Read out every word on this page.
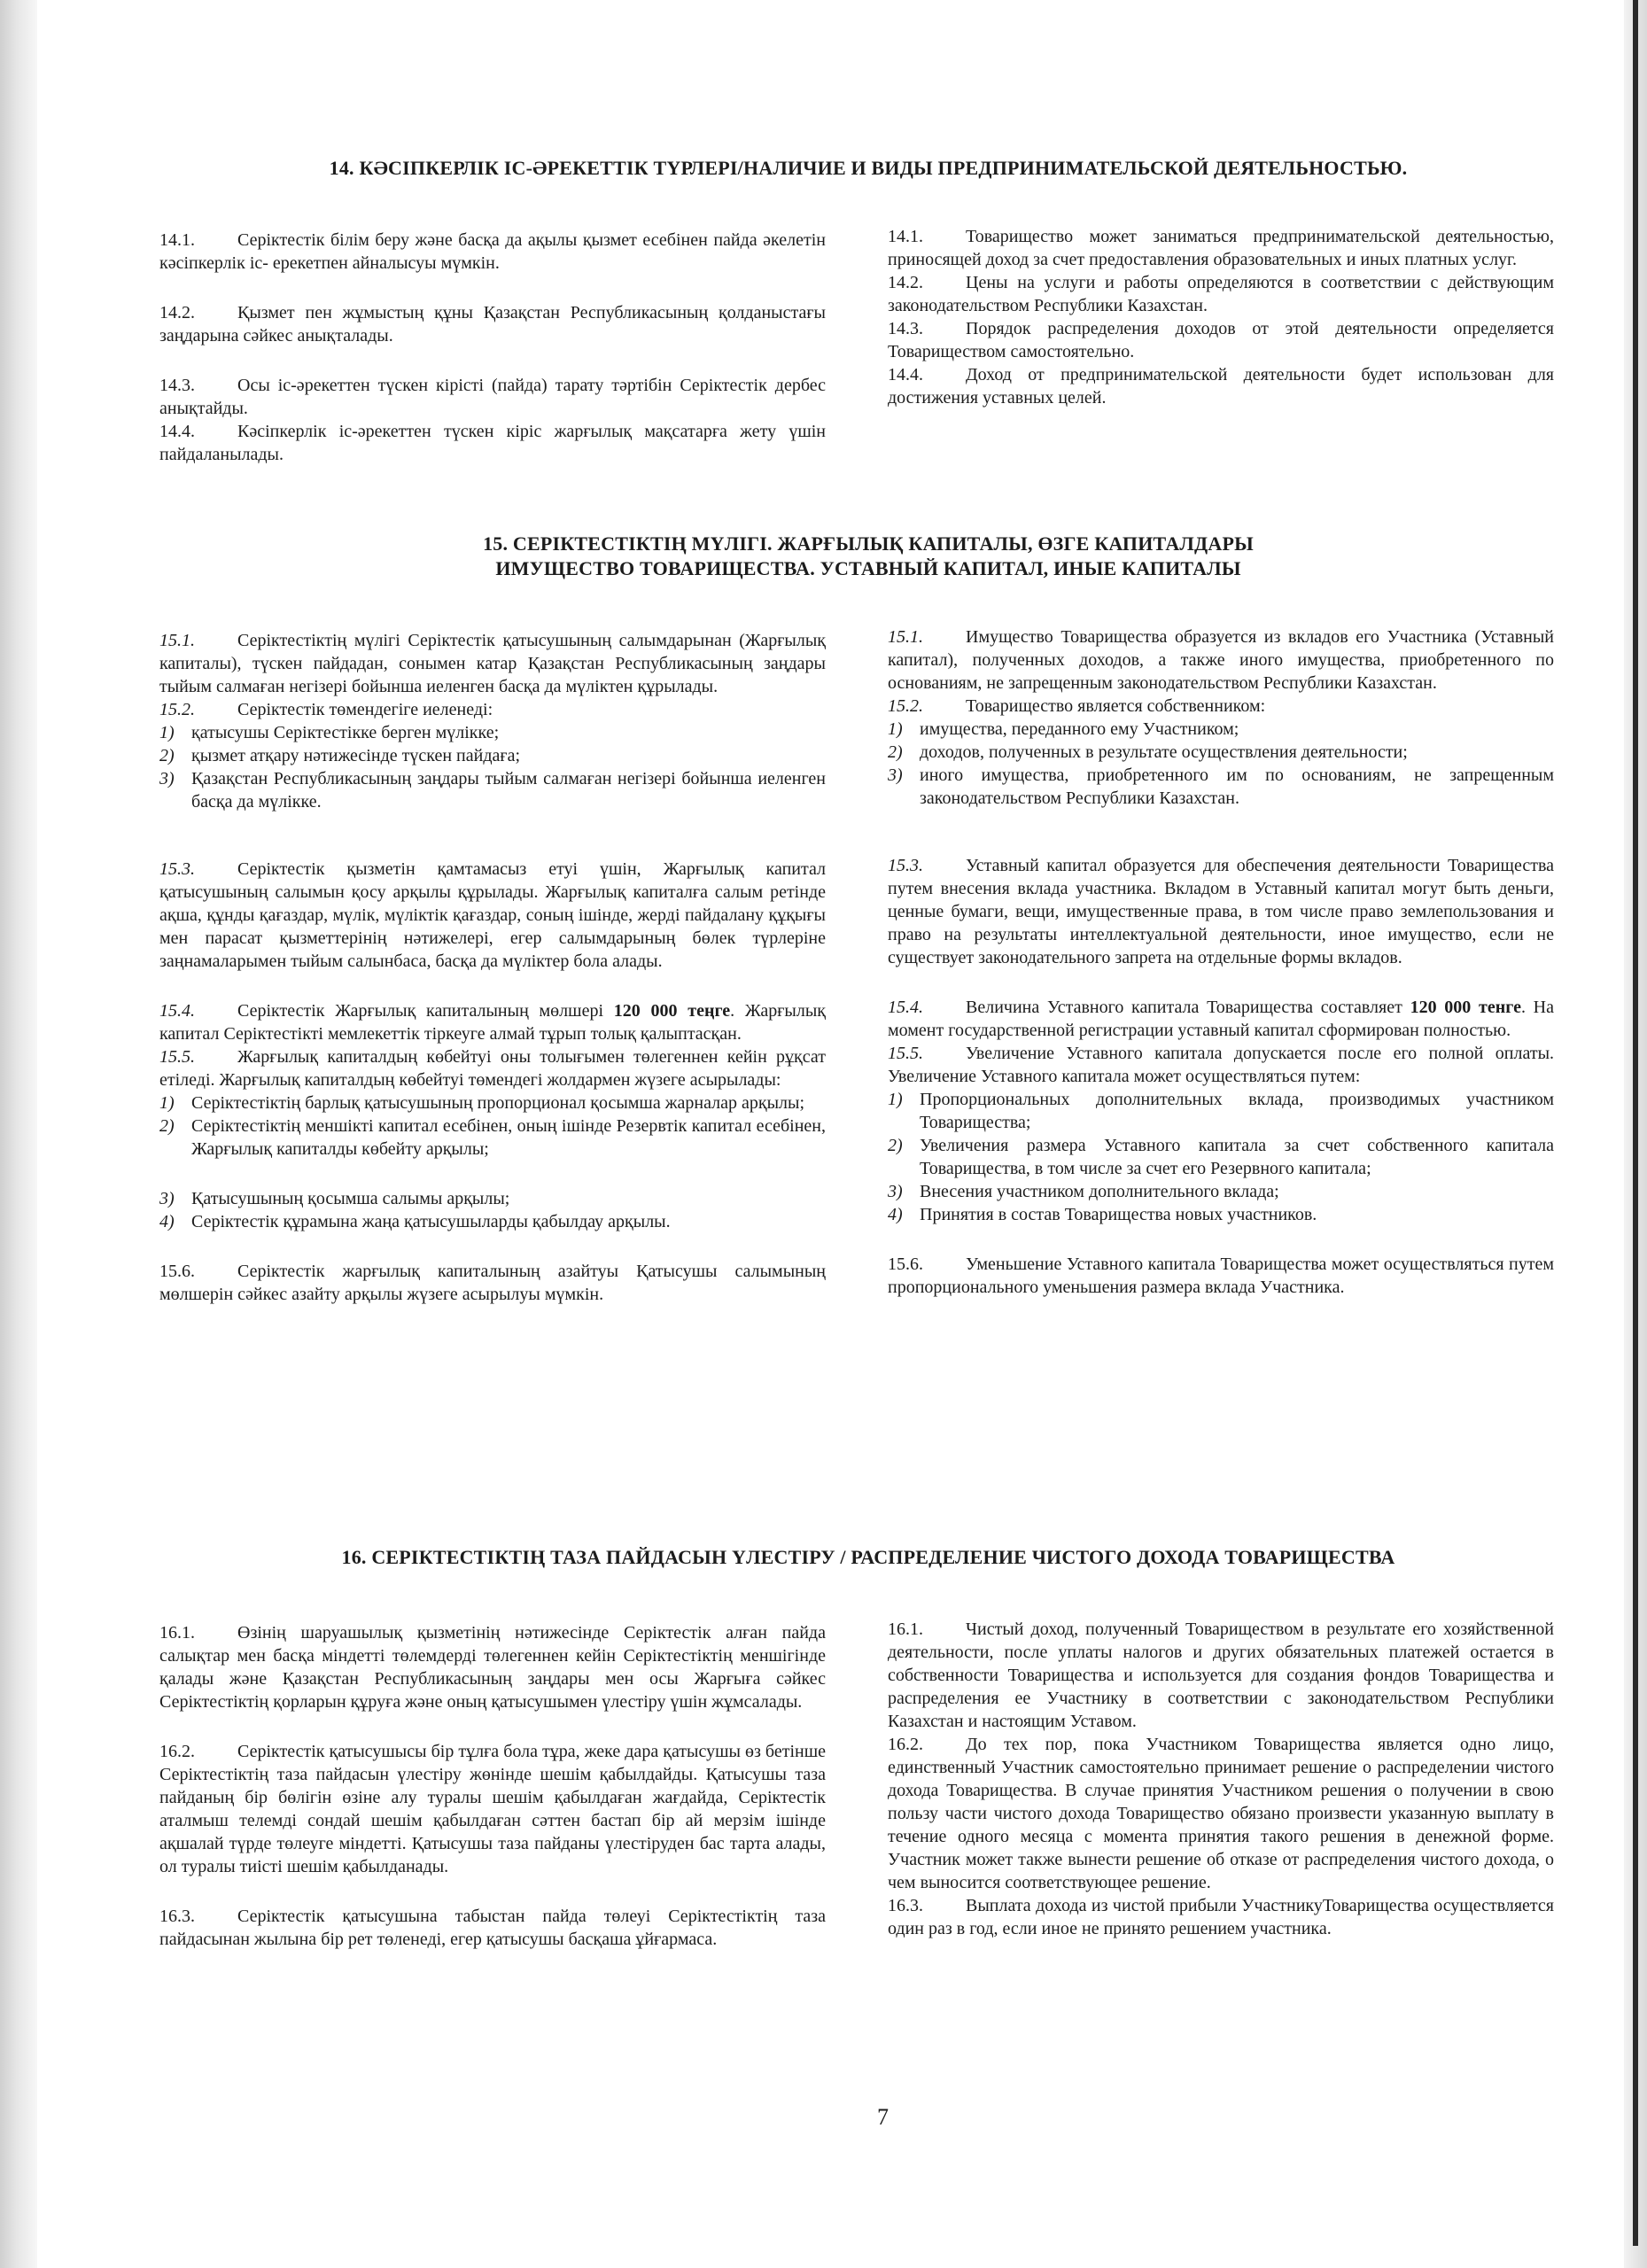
14. КӘСІПКЕРЛІК ІС-ӘРЕКЕТТІК ТҮРЛЕРІ/НАЛИЧИЕ И ВИДЫ ПРЕДПРИНИМАТЕЛЬСКОЙ ДЕЯТЕЛЬНОСТЬЮ.

14.1. Серіктестік білім беру және басқа да ақылы қызмет есебінен пайда әкелетін кәсіпкерлік іс- ерекетпен айналысуы мүмкін.

14.2. Қызмет пен жұмыстың құны Қазақстан Республикасының қолданыстағы заңдарына сәйкес анықталады.

14.3. Осы іс-әрекеттен түскен кірісті (пайда) тарату тәртібін Серіктестік дербес анықтайды.

14.4. Кәсіпкерлік іс-әрекеттен түскен кіріс жарғылық мақсатарға жету үшін пайдаланылады.

14.1. Товарищество может заниматься предпринимательской деятельностью, приносящей доход за счет предоставления образовательных и иных платных услуг.

14.2. Цены на услуги и работы определяются в соответствии с действующим законодательством Республики Казахстан.

14.3. Порядок распределения доходов от этой деятельности определяется Товариществом самостоятельно.

14.4. Доход от предпринимательской деятельности будет использован для достижения уставных целей.

15. СЕРІКТЕСТІКТІҢ МҮЛІГІ. ЖАРҒЫЛЫҚ КАПИТАЛЫ, ӨЗГЕ КАПИТАЛДАРЫ
ИМУЩЕСТВО ТОВАРИЩЕСТВА. УСТАВНЫЙ КАПИТАЛ, ИНЫЕ КАПИТАЛЫ

15.1. Серіктестіктің мүлігі Серіктестік қатысушының салымдарынан (Жарғылық капиталы), түскен пайдадан, сонымен катар Қазақстан Республикасының заңдары тыйым салмаған негізері бойынша иеленген басқа да мүліктен құрылады.

15.2. Серіктестік төмендегіге иеленеді:

1) қатысушы Серіктестікке берген мүлікке;
2) қызмет атқару нәтижесінде түскен пайдаға;
3) Қазақстан Республикасының заңдары тыйым салмаған негізері бойынша иеленген басқа да мүлікке.

15.3. Серіктестік қызметін қамтамасыз етуі үшін, Жарғылық капитал қатысушының салымын қосу арқылы құрылады. Жарғылық капиталға салым ретінде ақша, құнды қағаздар, мүлік, мүліктік қағаздар, соның ішінде, жерді пайдалану құқығы мен парасат қызметтерінің нәтижелері, егер салымдарының бөлек түрлеріне заңнамаларымен тыйым салынбаса, басқа да мүліктер бола алады.

15.4. Серіктестік Жарғылық капиталының мөлшері 120 000 теңге. Жарғылық капитал Серіктестікті мемлекеттік тіркеуге алмай тұрып толық қалыптасқан.

15.5. Жарғылық капиталдың көбейтуі оны толығымен төлегеннен кейін рұқсат етіледі. Жарғылық капиталдың көбейтуі төмендегі жолдармен жүзеге асырылады:

1) Серіктестіктің барлық қатысушының пропорционал қосымша жарналар арқылы;
2) Серіктестіктің меншікті капитал есебінен, оның ішінде Резервтік капитал есебінен, Жарғылық капиталды көбейту арқылы;
3) Қатысушының қосымша салымы арқылы;
4) Серіктестік құрамына жаңа қатысушыларды қабылдау арқылы.

15.6. Серіктестік жарғылық капиталының азайтуы Қатысушы салымының мөлшерін сәйкес азайту арқылы жүзеге асырылуы мүмкін.

15.1. Имущество Товарищества образуется из вкладов его Участника (Уставный капитал), полученных доходов, а также иного имущества, приобретенного по основаниям, не запрещенным законодательством Республики Казахстан.

15.2. Товарищество является собственником:

1) имущества, переданного ему Участником;
2) доходов, полученных в результате осуществления деятельности;
3) иного имущества, приобретенного им по основаниям, не запрещенным законодательством Республики Казахстан.

15.3. Уставный капитал образуется для обеспечения деятельности Товарищества путем внесения вклада участника. Вкладом в Уставный капитал могут быть деньги, ценные бумаги, вещи, имущественные права, в том числе право землепользования и право на результаты интеллектуальной деятельности, иное имущество, если не существует законодательного запрета на отдельные формы вкладов.

15.4. Величина Уставного капитала Товарищества составляет 120 000 тенге. На момент государственной регистрации уставный капитал сформирован полностью.

15.5. Увеличение Уставного капитала допускается после его полной оплаты. Увеличение Уставного капитала может осуществляться путем:

1) Пропорциональных дополнительных вклада, производимых участником Товарищества;
2) Увеличения размера Уставного капитала за счет собственного капитала Товарищества, в том числе за счет его Резервного капитала;
3) Внесения участником дополнительного вклада;
4) Принятия в состав Товарищества новых участников.

15.6. Уменьшение Уставного капитала Товарищества может осуществляться путем пропорционального уменьшения размера вклада Участника.

16. СЕРІКТЕСТІКТІҢ ТАЗА ПАЙДАСЫН ҮЛЕСТІРУ / РАСПРЕДЕЛЕНИЕ ЧИСТОГО ДОХОДА ТОВАРИЩЕСТВА

16.1. Өзінің шаруашылық қызметінің нәтижесінде Серіктестік алған пайда салықтар мен басқа міндетті төлемдерді төлегеннен кейін Серіктестіктің меншігінде қалады және Қазақстан Республикасының заңдары мен осы Жарғыға сәйкес Серіктестіктің қорларын құруға және оның қатысушымен үлестіру үшін жұмсалады.

16.2. Серіктестік қатысушысы бір тұлға бола тұра, жеке дара қатысушы өз бетінше Серіктестіктің таза пайдасын үлестіру жөнінде шешім қабылдайды. Қатысушы таза пайданың бір бөлігін өзіне алу туралы шешім қабылдаған жағдайда, Серіктестік аталмыш телемді сондай шешім қабылдаған сәттен бастап бір ай мерзім ішінде ақшалай түрде төлеуге міндетті. Қатысушы таза пайданы үлестіруден бас тарта алады, ол туралы тиісті шешім қабылданады.

16.3. Серіктестік қатысушына табыстан пайда төлеуі Серіктестіктің таза пайдасынан жылына бір рет төленеді, егер қатысушы басқаша ұйғармаса.

16.1. Чистый доход, полученный Товариществом в результате его хозяйственной деятельности, после уплаты налогов и других обязательных платежей остается в собственности Товарищества и используется для создания фондов Товарищества и распределения ее Участнику в соответствии с законодательством Республики Казахстан и настоящим Уставом.

16.2. До тех пор, пока Участником Товарищества является одно лицо, единственный Участник самостоятельно принимает решение о распределении чистого дохода Товарищества. В случае принятия Участником решения о получении в свою пользу части чистого дохода Товарищество обязано произвести указанную выплату в течение одного месяца с момента принятия такого решения в денежной форме. Участник может также вынести решение об отказе от распределения чистого дохода, о чем выносится соответствующее решение.

16.3. Выплата дохода из чистой прибыли УчастникуТоварищества осуществляется один раз в год, если иное не принято решением участника.

7
